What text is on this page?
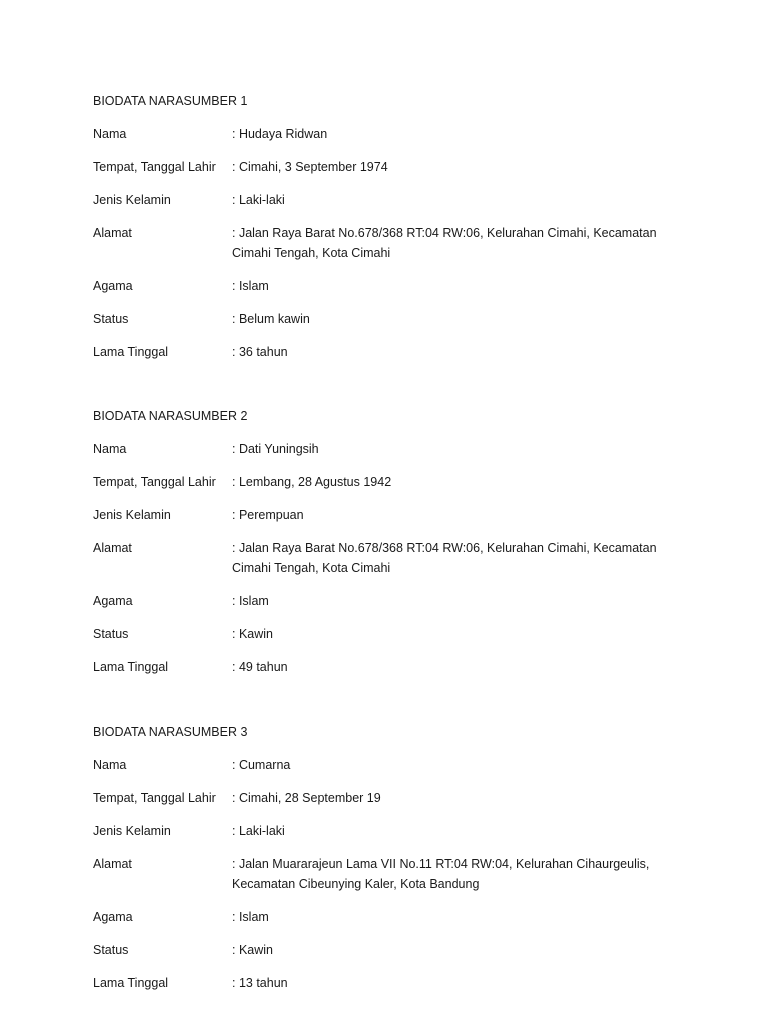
BIODATA NARASUMBER 1
Nama	: Hudaya Ridwan
Tempat, Tanggal Lahir	: Cimahi, 3 September 1974
Jenis Kelamin	: Laki-laki
Alamat	: Jalan Raya Barat No.678/368 RT:04 RW:06, Kelurahan Cimahi, Kecamatan Cimahi Tengah, Kota Cimahi
Agama	: Islam
Status	: Belum kawin
Lama Tinggal	: 36 tahun
BIODATA NARASUMBER 2
Nama	: Dati Yuningsih
Tempat, Tanggal Lahir	: Lembang, 28 Agustus 1942
Jenis Kelamin	: Perempuan
Alamat	: Jalan Raya Barat No.678/368 RT:04 RW:06, Kelurahan Cimahi, Kecamatan Cimahi Tengah, Kota Cimahi
Agama	: Islam
Status	: Kawin
Lama Tinggal	: 49 tahun
BIODATA NARASUMBER 3
Nama	: Cumarna
Tempat, Tanggal Lahir	: Cimahi, 28 September 19
Jenis Kelamin	: Laki-laki
Alamat	: Jalan Muararajeun Lama VII No.11 RT:04 RW:04, Kelurahan Cihaurgeulis, Kecamatan Cibeunying Kaler, Kota Bandung
Agama	: Islam
Status	: Kawin
Lama Tinggal	: 13 tahun
